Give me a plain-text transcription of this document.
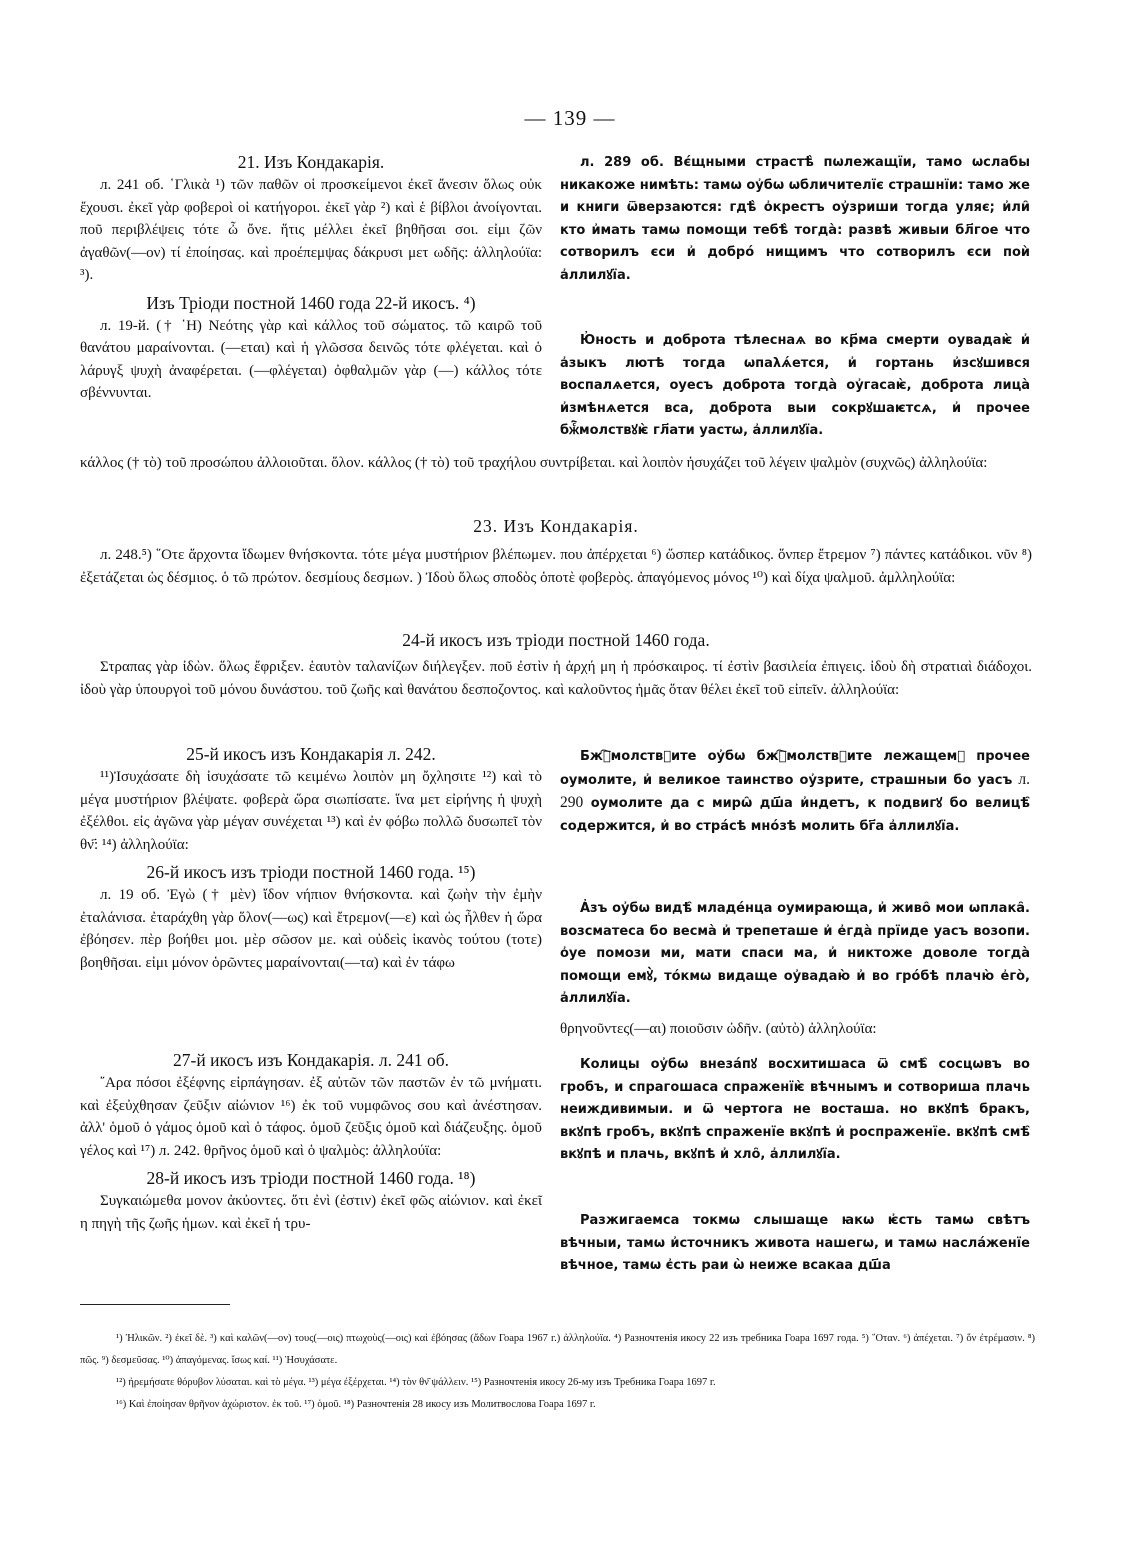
— 139 —

21. Изъ Кондакарія.

л. 241 об. ῾Γλικὰ ¹) τῶν παθῶν οἱ προσκείμενοι ἐκεῖ ἄνεσιν ὅλως οὐκ ἔχουσι. ἐκεῖ γὰρ φοβεροὶ οἱ κατήγοροι. ἐκεῖ γὰρ ²) καὶ ἑ βίβλοι ἀνοίγονται. ποῦ περιβλέψεις τότε ὦ ὄνε. ἥτις μέλλει ἐκεῖ βηθῆσαι σοι. εἰμι ζῶν ἀγαθῶν(—ον) τί ἐποίησας. καὶ προέπεμψας δάκρυσι μετ ωδῆς: ἀλληλούϊα: ³).

Изъ Тріоди постной 1460 года 22-й икосъ. ⁴)

л. 19-й. († ῾Η) Νεότης γὰρ καὶ κάλλος τοῦ σώματος. τῶ καιρῶ τοῦ θανάτου μαραίνονται. (—εται) καὶ ἡ γλῶσσα δεινῶς τότε φλέγεται. καὶ ὁ λάρυγξ ψυχὴ ἀναφέρεται. (—φλέγεται) ὀφθαλμῶν γὰρ (—) κάλλος τότε σβέννυνται.

л. 289 об. Вє́щными страстѣ̀ пѡлежащїи, тамо ѡслабы никакоже нимѣть: тамѡ оу҆бѡ ѡбличителїє страшнїи: тамо же и книги ѿверзаются: гдѣ̀ о҆крестъ оу҆зриши тогда уляє; и҆ли̑ кто и҆мать тамѡ помощи тебѣ̀ тогдà: развѣ живыи бл҃гое что сотворилъ єси и҆ добрó нищимъ что сотворилъ єси поѝ а҆ллилꙋїа.

Ю҆ность и доброта тѣлеснаѧ во кр҃ма смерти оувадаѥ̀ и҆ а҆зыкъ лютѣ тогда ѡпаλѧ́ется, и҆ гортань и҆зсꙋшився воспалѧется, оуесъ доброта тогдà оу҆гасаѥ̀, доброта лица̀ и҆змѣнѧется вса, доброта выи сокрꙋшаѥтсѧ, и҆ прочее бжⷭ҇молствꙋѥ̀ гл҃ати уастѡ, а҆ллилꙋїа.

κάλλος († τὸ) τοῦ προσώπου ἀλλοιοῦται. ὅλον. κάλλος († τὸ) τοῦ τραχήλου συντρίβεται. καὶ λοιπὸν ἡσυχάζει τοῦ λέγειν ψαλμὸν (συχνῶς) ἀλληλούϊα:

23. Изъ Кондакарія.

л. 248.⁵) ῞Οτε ἄρχοντα ἴδωμεν θνήσκοντα. τότε μέγα μυστήριον βλέπωμεν. που ἀπέρχεται ⁶) ὥσπερ κατάδικος. ὅνπερ ἔτρεμον ⁷) πάντες κατάδικοι. νῦν ⁸) ἐξετάζεται ὡς δέσμιος. ὁ τῶ πρώτον. δεσμίους δεσμων. ) Ἰδοὺ ὅλως σποδὸς ὁποτὲ φοβερὸς. ἀπαγόμενος μόνος ¹⁰) καὶ δίχα ψαλμοῦ. ἀμλληλούϊα:

24-й икосъ изъ тріоди постной 1460 года.

Στραπας γὰρ ἰδὼν. ὅλως ἔφριξεν. ἑαυτὸν ταλανίζων διήλεγξεν. ποῦ ἐστὶν ἡ ἀρχή μη ἡ πρόσκαιρος. τί ἐστὶν βασιλεία ἐπιγεις. ἰδοὺ δὴ στρατιαὶ διάδοχοι. ἰδοὺ γὰρ ὑπουργοὶ τοῦ μόνου δυνάστου. τοῦ ζωῆς καὶ θανάτου δεσποζοντος. καὶ καλοῦντος ἡμᾶς ὅταν θέλει ἐκεῖ τοῦ εἰπεῖν. ἀλληλούϊα:

25-й икосъ изъ Кондакарія л. 242.

¹¹)Ἰσυχάσατε δὴ ἰσυχάσατε τῶ κειμένω λοιπὸν μη ὄχλησιτε ¹²) καὶ τὸ μέγα μυστήριον βλέψατε. φοβερὰ ὥρα σιωπίσατε. ἵνα μετ εἰρήνης ἡ ψυχὴ ἐξέλθοι. εἰς ἀγῶνα γὰρ μέγαν συνέχεται ¹³) καὶ ἐν φόβω πολλῶ δυσωπεῖ τὸν θν҃: ¹⁴) ἀλληλούϊα:

26-й икосъ изъ тріоди постной 1460 года. ¹⁵)

л. 19 об. Ἐγὼ († μὲν) ἴδον νήπιον θνήσκοντα. καὶ ζωὴν τὴν ἐμὴν ἐταλάνισα. ἐταράχθη γὰρ ὅλον(—ως) καὶ ἔτρεμον(—ε) καὶ ὡς ἦλθεν ἡ ὥρα ἐβόησεν. πὲρ βοήθει μοι. μὲρ σῶσον με. καὶ οὐδεὶς ἱκανὸς τούτου (τοτε) βοηθῆσαι. εἰμι μόνον ὁρῶντες μαραίνονται(—τα) καὶ ἐν τάφω

27-й икосъ изъ Кондакарія. л. 241 об.

῎Αρα πόσοι ἐξέφνης εἰρπάγησαν. ἐξ αὐτῶν τῶν παστῶν ἐν τῶ μνήματι. καὶ ἐξεὐχθησαν ζεῦξιν αἰώνιον ¹⁶) ἐκ τοῦ νυμφῶνος σου καὶ ἀνέστησαν. ἀλλ' ὁμοῦ ὁ γάμος ὁμοῦ καὶ ὁ τάφος. ὁμοῦ ζεῦξις ὁμοῦ καὶ διάζευξης. ὁμοῦ γέλος καὶ ¹⁷) л. 242. θρῆνος ὁμοῦ καὶ ὁ ψαλμὸς: ἀλληλούϊα:

28-й икосъ изъ тріоди постной 1460 года. ¹⁸)

Συγκαιώμεθα μονον ἀκὐοντες. ὅτι ἐνὶ (ἐστιν) ἐκεῖ φῶς αἰώνιον. καὶ ἐκεῖ η πηγὴ τῆς ζωῆς ἡμων. καὶ ἐκεῖ ἡ τρυ-

Бжⷭ҇молствꙋите оу҆бѡ бжⷭ҇молствꙋите лежащемꙋ прочее оумолите, и҆ великое таинство оу҆зрите, страшныи бо уасъ л. 290 оумолите да с мирѡ̑ дш҃а и҆ндетъ, к подвигꙋ бо велицѣ̑ содержится, и҆ во стра́сѣ мно́зѣ молить бг҃а а҆ллилꙋїа.

А҆зъ оу҆бѡ видѣ̑ младе́нца оумирающа, и҆ живо̑ мои ѡплака̑. возсматеса бо весма̀ и҆ трепеташе и҆ е҆гда̀ прїиде уасъ возопи. о҆уе помози ми, мати спаси ма, и҆ никтоже доволе тогдà помощи емꙋ̀, то́кмѡ видаще оу҆вадаю̀ и҆ во гро́бѣ плачю̀ е҆го̀, а҆ллилꙋїа.

θρηνοῦντες(—αι) ποιοῦσιν ὠδῆν. (αὐτὸ) ἀλληλούϊα:

Колицы оу҆бѡ внеза́пꙋ восхитишаса ѿ смѣ̑ сосцѡвъ во гробъ, и спрагошаса спраженїѥ̀ вѣчнымъ и сотворишa плачь неиждивимыи. и ѿ чертога не восташа. но вкꙋпѣ бракъ, вкꙋпѣ гробъ, вкꙋпѣ спраженїе вкꙋпѣ и҆ роспраженїе. вкꙋпѣ смѣ̑ вкꙋпѣ и плачь, вкꙋпѣ и҆ хло̑, а҆ллилꙋїа.

Разжигаемса токмѡ слышаще ꙗкѡ ѥ҆сть тамѡ свѣтъ вѣчныи, тамѡ и҆сточникъ живота нашегѡ, и тамѡ насла́женїе вѣчное, тамѡ є҆сть раи ѡ̀ неиже всакаа дш҃а

¹) Ἠλικῶν. ²) ἐκεῖ δὲ. ³) καὶ καλῶν(—ον) τους(—οις) πτωχοὺς(—οις) καὶ ἐβόησας (ἄδων Гоара 1967 г.) ἀλληλούϊα. ⁴) Разночтенія икосу 22 изъ требника Гоара 1697 года. ⁵) ῞Οταν. ⁶) ἀπέχεται. ⁷) ὅν ἐτρέμασιν. ⁸) πῶς. ⁹) δεσμεῦσας. ¹⁰) ἀπαγόμενας. ἴσως καί. ¹¹) Ἡσυχάσατε.

¹²) ἠρεμήσατε θόρυβον λύσαται. καὶ τὸ μέγα. ¹³) μέγα ἐξέρχεται. ¹⁴) τὸν θν҃ ψάλλειν. ¹⁵) Разночтенія икосу 26-му изъ Требника Гоара 1697 г.

¹⁶) Καὶ ἐποίησαν θρῆνον ἀχώριστον. ἐκ τοῦ. ¹⁷) ὁμοῦ. ¹⁸) Разночтенія 28 икосу изъ Молитвослова Гоара 1697 г.
